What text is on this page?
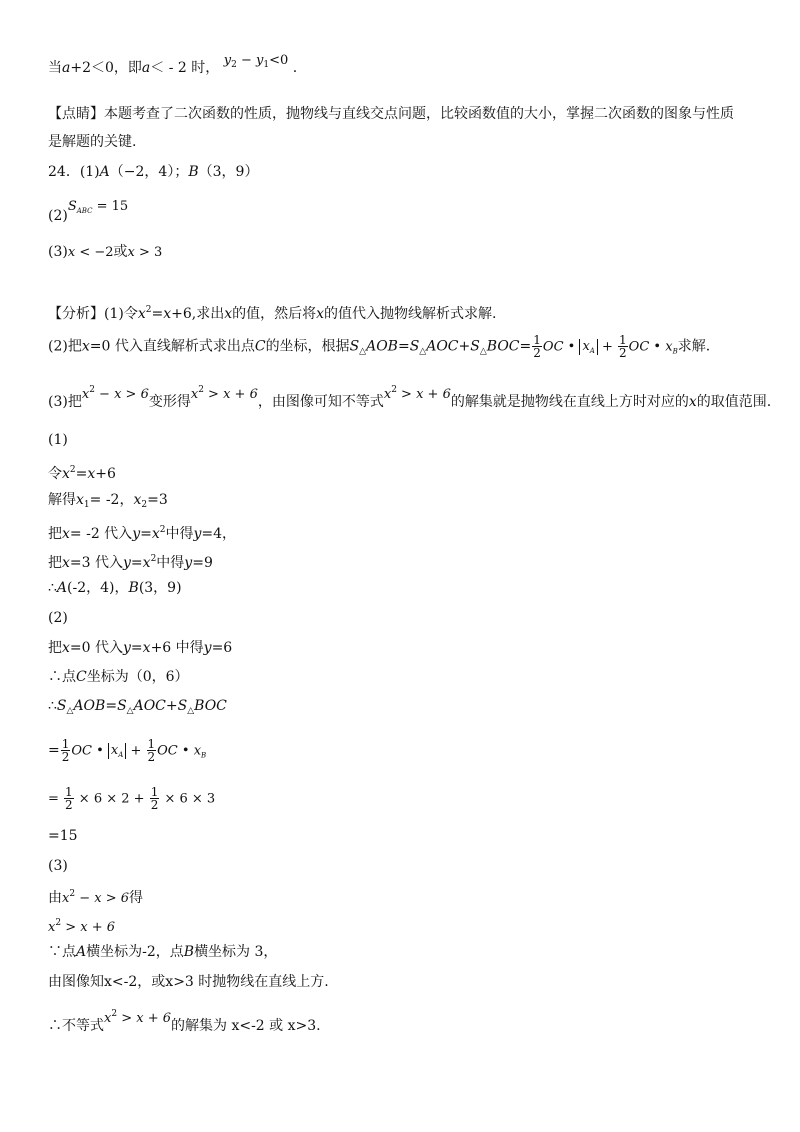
当a+2＜0，即a＜ - 2 时， $y_2 - y_1<0$ .
【点睛】本题考查了二次函数的性质，抛物线与直线交点问题，比较函数值的大小，掌握二次函数的图象与性质
是解题的关键.
24．(1)A（−2，4）；B（3，9）
$(2)S_{ABC} = 15$
(3)x < −2或x > 3
【分析】(1)令$x^2=x+6$,求出x的值，然后将x的值代入抛物线解析式求解.
(2)把x=0 代入直线解析式求出点C的坐标，根据$S_\triangle AOB=S_\triangle AOC+S_\triangle BOC= \frac{1}{2}$ OC • $x_A + \frac{1}{2}$ OC • $x_B$求解.
(3)把$x^2 - x > 6$变形得$x^2 > x + 6$，由图像可知不等式$x^2 > x + 6$的解集就是抛物线在直线上方时对应的x的取值范围.
(1)
令$x^2=x+6$
解得$x_1= -2$，$x_2=3$
把x= -2 代入$y=x^2$中得y=4，
把x=3 代入$y=x^2$中得y=9
∴A(-2，4)，B(3，9)
(2)
把x=0 代入y=x+6 中得y=6
∴点C坐标为（0，6）
$\therefore S_\triangle AOB=S_\triangle AOC+S_\triangle BOC$
= $\frac{1}{2}$ OC • $x_A + \frac{1}{2}$ OC • $x_B$
= $\frac{1}{2} \times 6 \times 2 + \frac{1}{2} \times 6 \times 3$
=15
(3)
由$x^2 - x > 6$得
$x^2 > x + 6$
∵点A横坐标为-2，点B横坐标为 3，
由图像知x<-2，或x>3 时抛物线在直线上方.
∴不等式$x^2 > x + 6$的解集为 x<-2 或 x>3.
